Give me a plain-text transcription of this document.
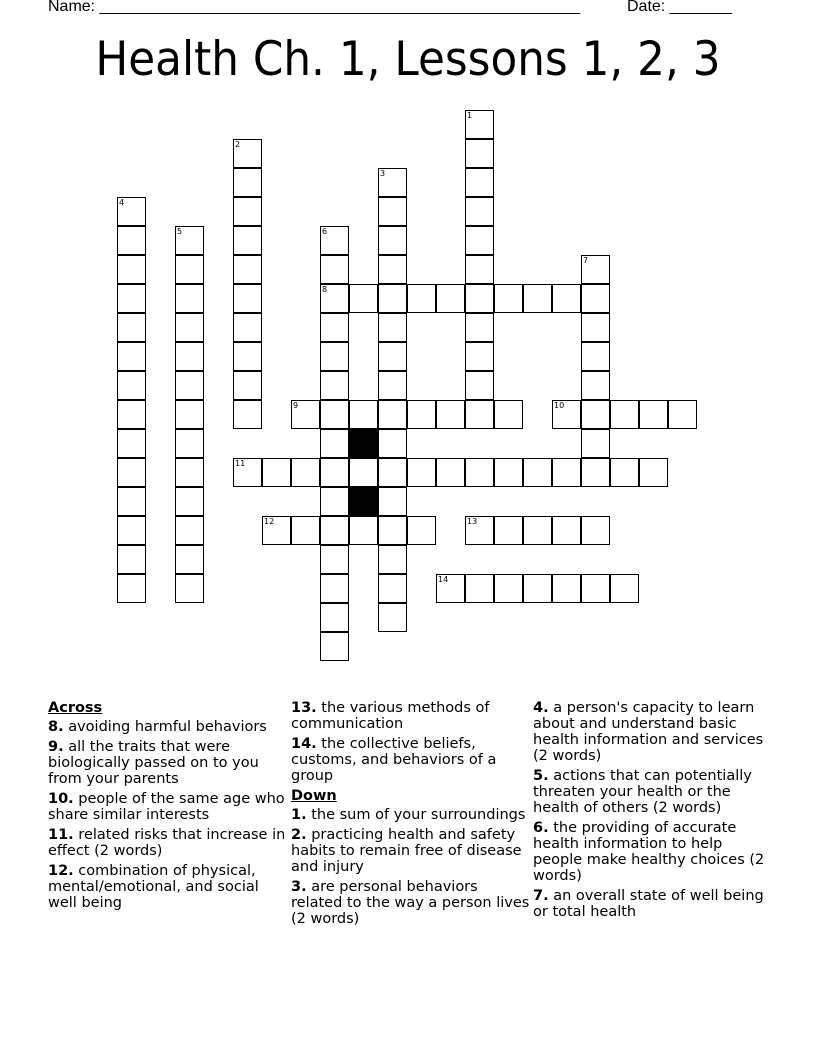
Name: ______________________________________________________	Date: _______
Health Ch. 1, Lessons 1, 2, 3
1
2
3
4
5	6
8
7
9	10
11
12	13
14
Across
8. avoiding harmful behaviors
9. all the traits that were biologically passed on to you from your parents
10. people of the same age who share similar interests
11. related risks that increase in effect (2 words)
12. combination of physical, mental/emotional, and social well being
13. the various methods of communication
14. the collective beliefs, customs, and behaviors of a group
Down
1. the sum of your surroundings
2. practicing health and safety habits to remain free of disease and injury
3. are personal behaviors related to the way a person lives (2 words)
4. a person's capacity to learn about and understand basic health information and services (2 words)
5. actions that can potentially threaten your health or the health of others (2 words)
6. the providing of accurate health information to help people make healthy choices (2 words)
7. an overall state of well being or total health
